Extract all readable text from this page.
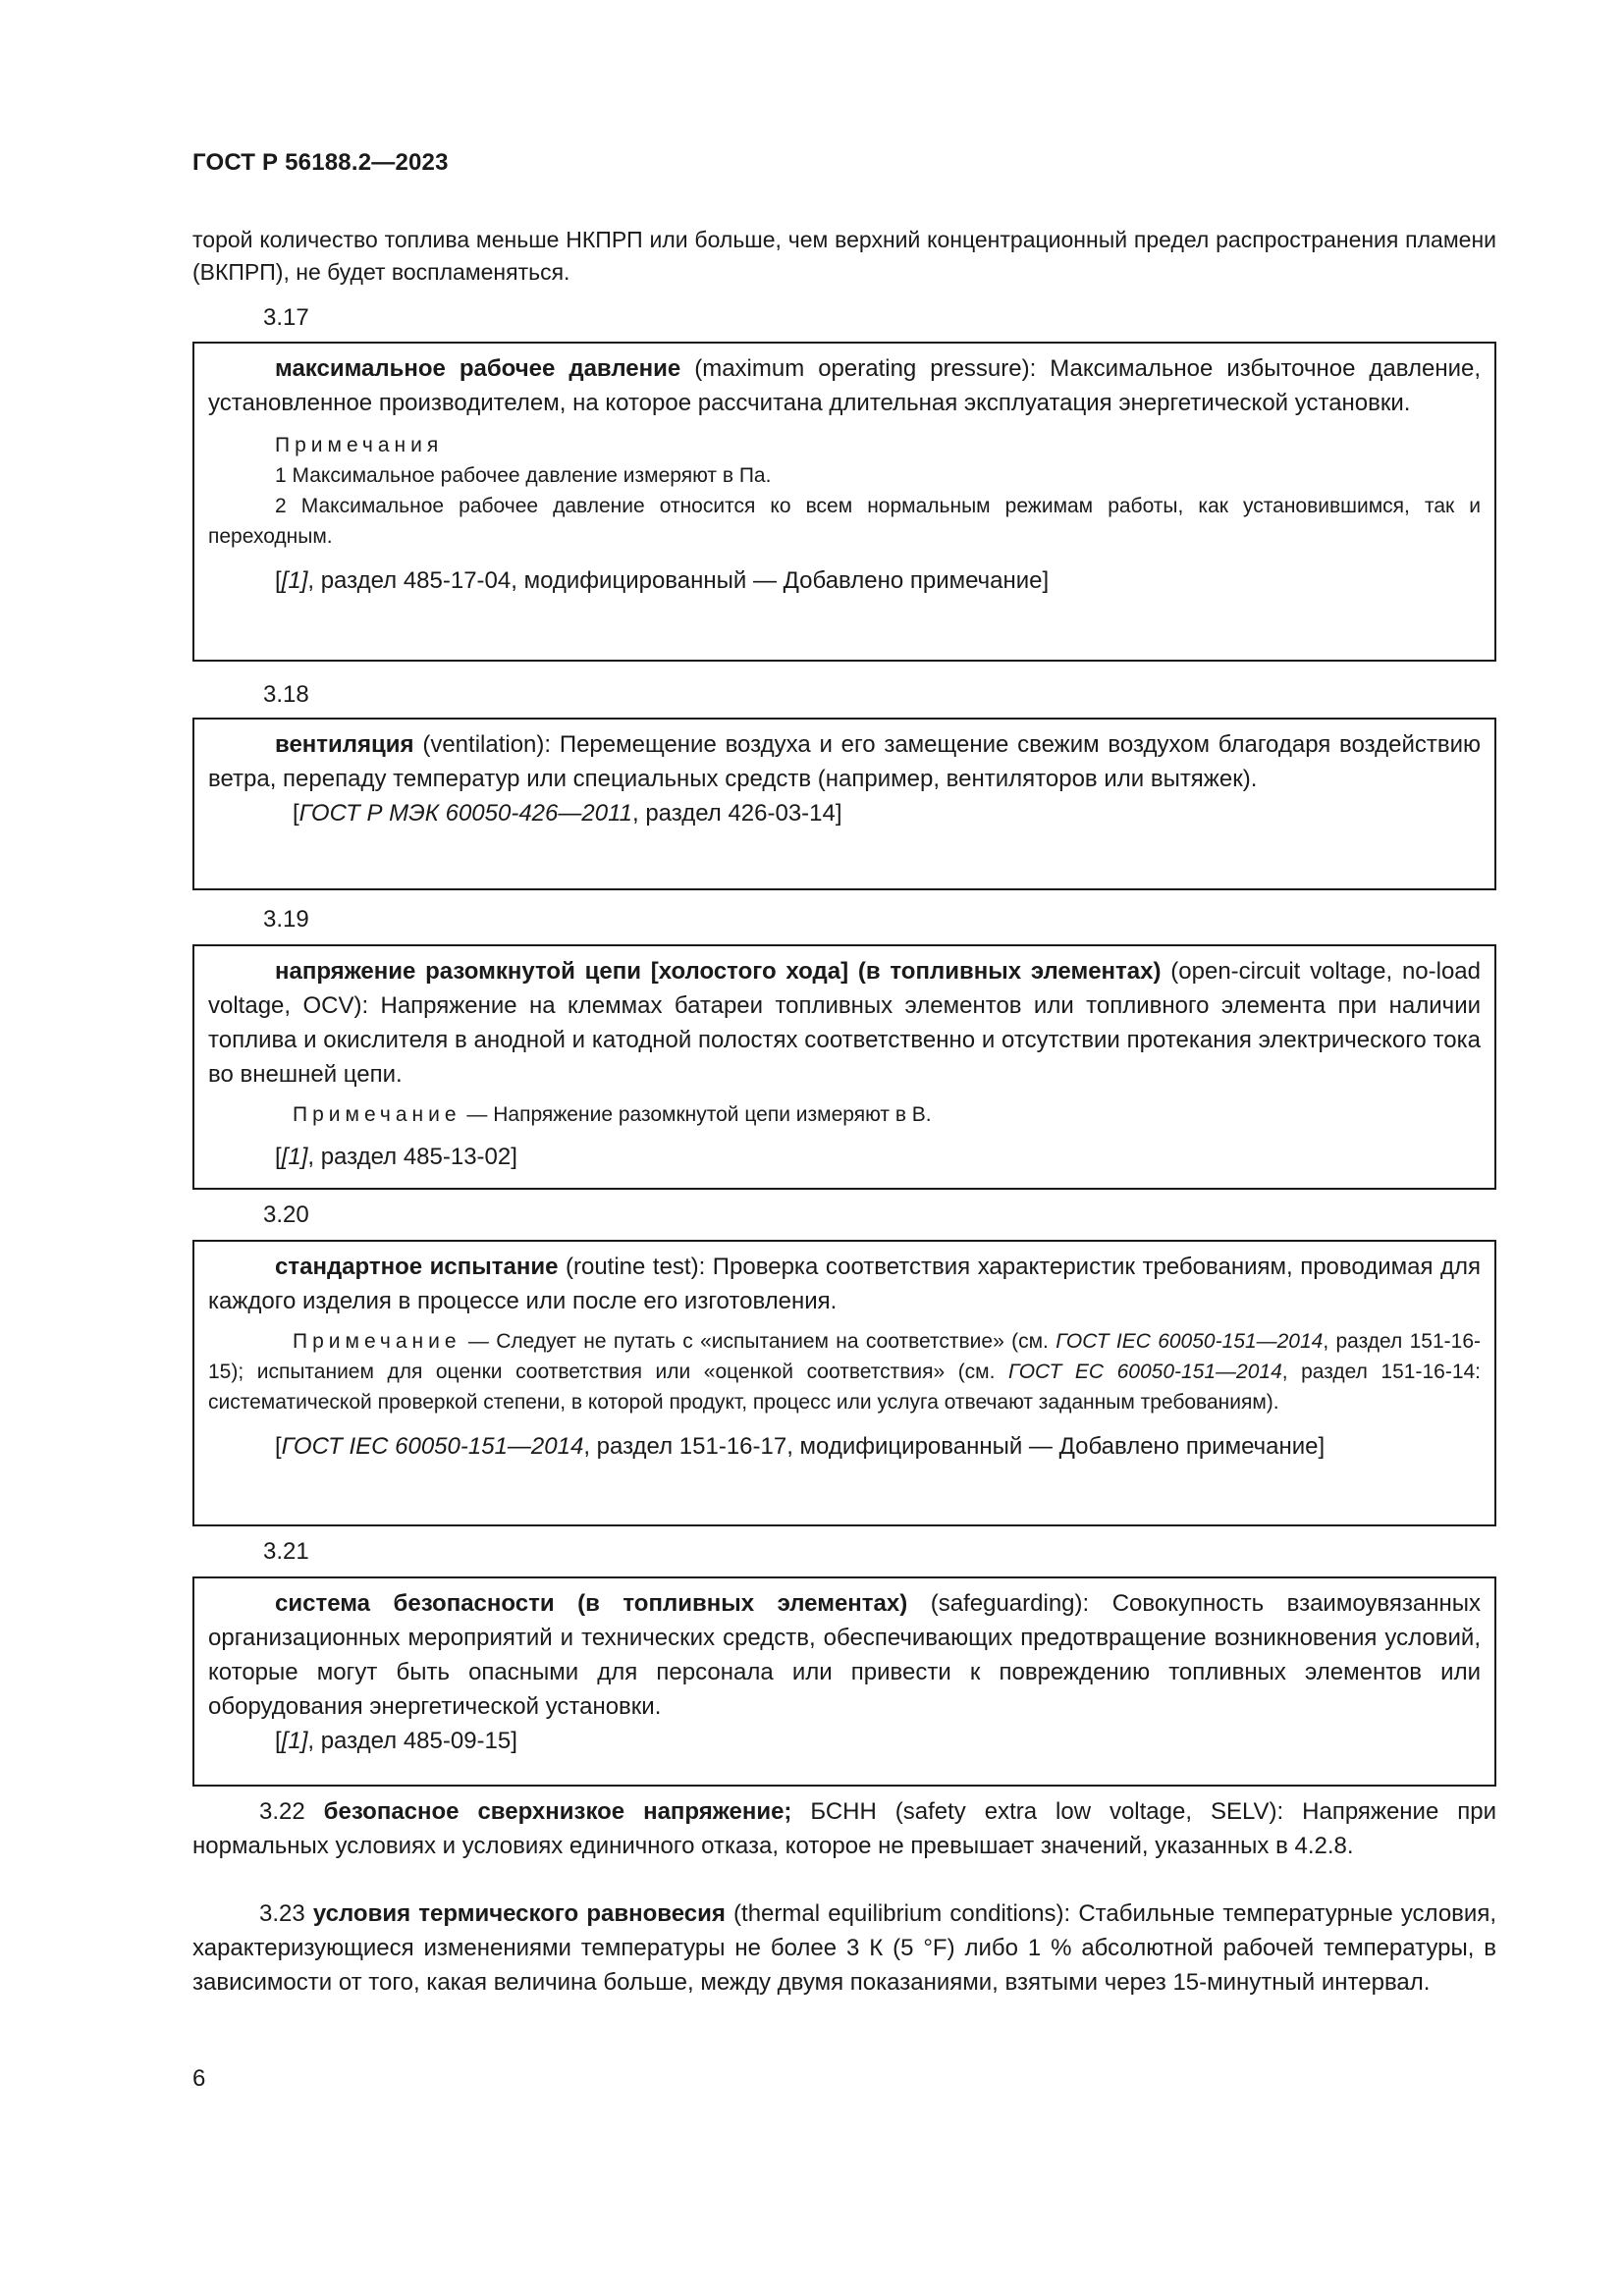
ГОСТ Р 56188.2—2023

торой количество топлива меньше НКПРП или больше, чем верхний концентрационный предел распространения пламени (ВКПРП), не будет воспламеняться.

3.17

максимальное рабочее давление (maximum operating pressure): Максимальное избыточное давление, установленное производителем, на которое рассчитана длительная эксплуатация энергетической установки.

Примечания

1 Максимальное рабочее давление измеряют в Па.

2 Максимальное рабочее давление относится ко всем нормальным режимам работы, как установившимся, так и переходным.

[[1], раздел 485-17-04, модифицированный — Добавлено примечание]

3.18

вентиляция (ventilation): Перемещение воздуха и его замещение свежим воздухом благодаря воздействию ветра, перепаду температур или специальных средств (например, вентиляторов или вытяжек).

[ГОСТ Р МЭК 60050-426—2011, раздел 426-03-14]

3.19

напряжение разомкнутой цепи [холостого хода] (в топливных элементах) (open-circuit voltage, no-load voltage, OCV): Напряжение на клеммах батареи топливных элементов или топливного элемента при наличии топлива и окислителя в анодной и катодной полостях соответственно и отсутствии протекания электрического тока во внешней цепи.

Примечание — Напряжение разомкнутой цепи измеряют в В.

[[1], раздел 485-13-02]

3.20

стандартное испытание (routine test): Проверка соответствия характеристик требованиям, проводимая для каждого изделия в процессе или после его изготовления.

Примечание — Следует не путать с «испытанием на соответствие» (см. ГОСТ IEC 60050-151—2014, раздел 151-16-15); испытанием для оценки соответствия или «оценкой соответствия» (см. ГОСТ ЕС 60050-151—2014, раздел 151-16-14: систематической проверкой степени, в которой продукт, процесс или услуга отвечают заданным требованиям).

[ГОСТ IEC 60050-151—2014, раздел 151-16-17, модифицированный — Добавлено примечание]

3.21

система безопасности (в топливных элементах) (safeguarding): Совокупность взаимоувязанных организационных мероприятий и технических средств, обеспечивающих предотвращение возникновения условий, которые могут быть опасными для персонала или привести к повреждению топливных элементов или оборудования энергетической установки.

[[1], раздел 485-09-15]

3.22 безопасное сверхнизкое напряжение; БСНН (safety extra low voltage, SELV): Напряжение при нормальных условиях и условиях единичного отказа, которое не превышает значений, указанных в 4.2.8.

3.23 условия термического равновесия (thermal equilibrium conditions): Стабильные температурные условия, характеризующиеся изменениями температуры не более 3 К (5 °F) либо 1 % абсолютной рабочей температуры, в зависимости от того, какая величина больше, между двумя показаниями, взятыми через 15-минутный интервал.

6
